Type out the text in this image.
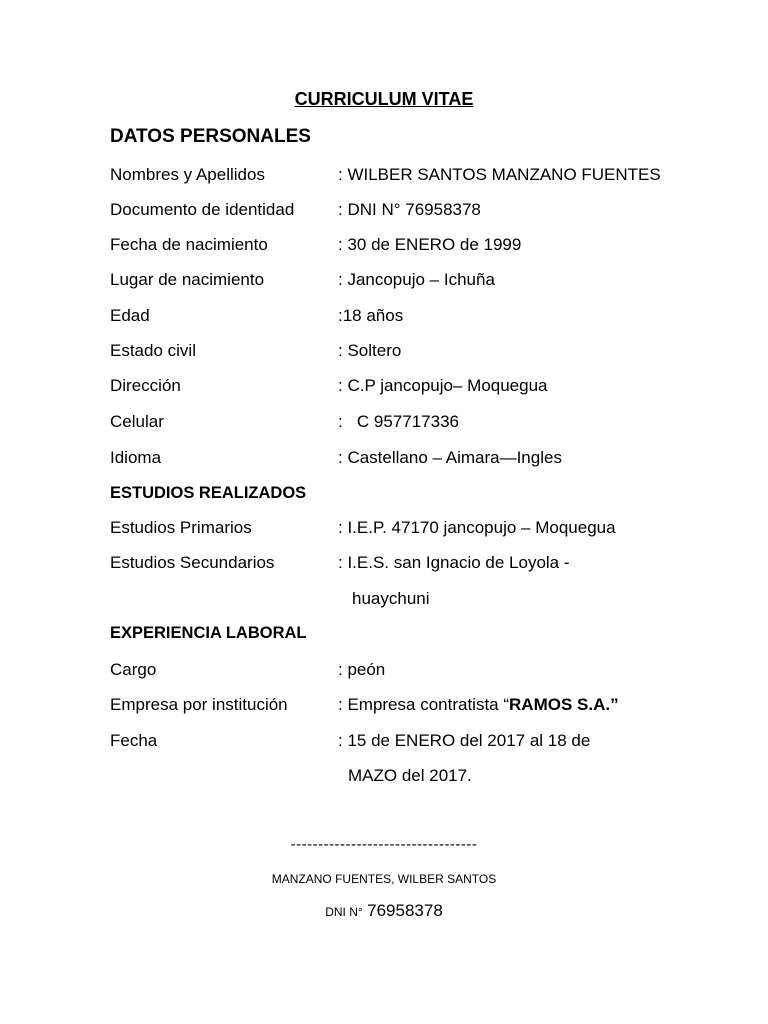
CURRICULUM VITAE
DATOS PERSONALES
Nombres y Apellidos	: WILBER SANTOS MANZANO FUENTES
Documento de identidad	: DNI N° 76958378
Fecha de nacimiento	: 30 de ENERO de 1999
Lugar de nacimiento	: Jancopujo – Ichuña
Edad	:18 años
Estado civil	: Soltero
Dirección	: C.P jancopujo– Moquegua
Celular	:   C 957717336
Idioma	: Castellano – Aimara—Ingles
ESTUDIOS REALIZADOS
Estudios Primarios	: I.E.P. 47170 jancopujo – Moquegua
Estudios Secundarios	: I.E.S. san Ignacio de Loyola -
huaychuni
EXPERIENCIA LABORAL
Cargo	: peón
Empresa por institución	: Empresa contratista “RAMOS S.A.”
Fecha	: 15 de ENERO del 2017 al 18 de
MAZO del 2017.
----------------------------------
MANZANO FUENTES, WILBER SANTOS
DNI N° 76958378
